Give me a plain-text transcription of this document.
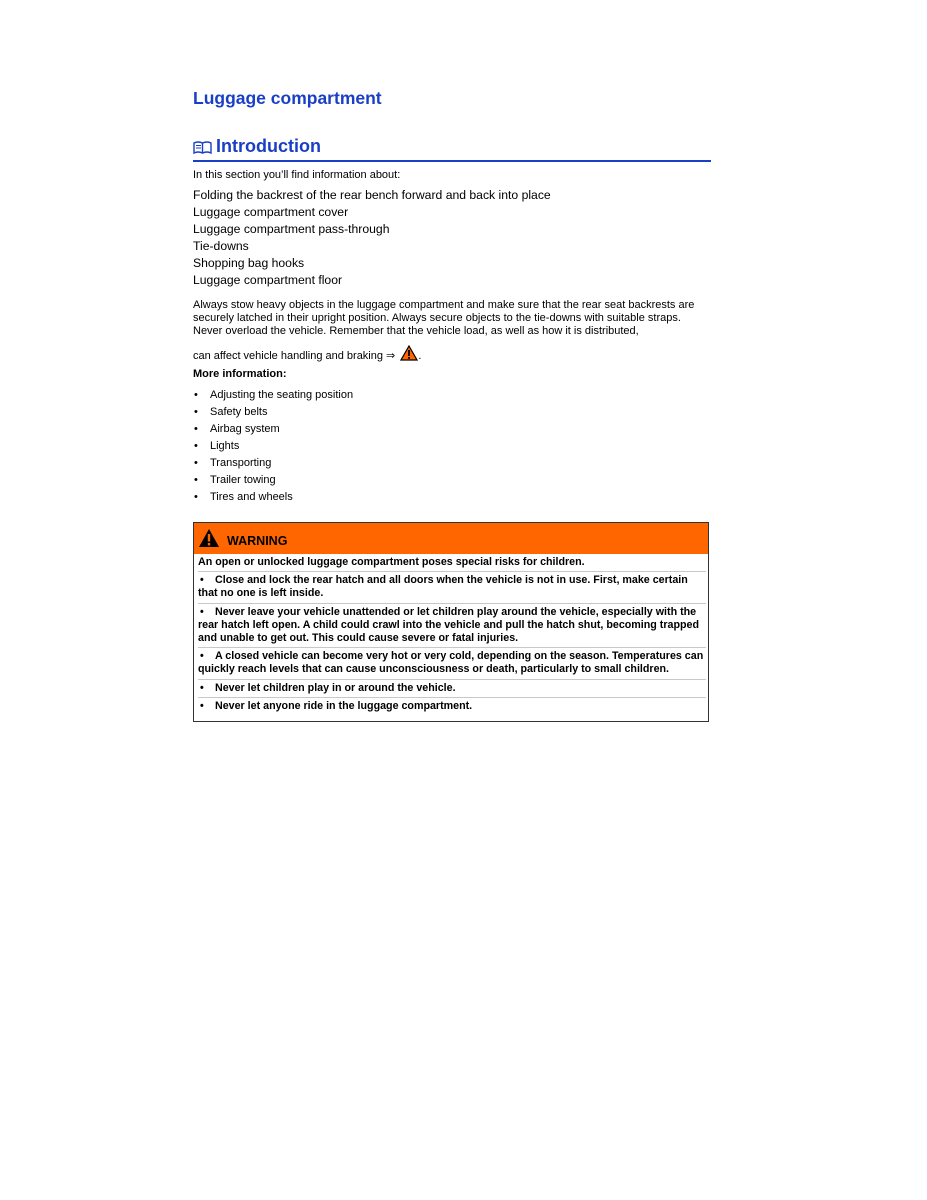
Luggage compartment
Introduction
In this section you’ll find information about:
Folding the backrest of the rear bench forward and back into place
Luggage compartment cover
Luggage compartment pass-through
Tie-downs
Shopping bag hooks
Luggage compartment floor
Always stow heavy objects in the luggage compartment and make sure that the rear seat backrests are securely latched in their upright position. Always secure objects to the tie-downs with suitable straps. Never overload the vehicle. Remember that the vehicle load, as well as how it is distributed,
can affect vehicle handling and braking ⇒ .
More information:
• Adjusting the seating position
• Safety belts
• Airbag system
• Lights
• Transporting
• Trailer towing
• Tires and wheels
WARNING

An open or unlocked luggage compartment poses special risks for children.

• Close and lock the rear hatch and all doors when the vehicle is not in use. First, make certain that no one is left inside.

• Never leave your vehicle unattended or let children play around the vehicle, especially with the rear hatch left open. A child could crawl into the vehicle and pull the hatch shut, becoming trapped and unable to get out. This could cause severe or fatal injuries.

• A closed vehicle can become very hot or very cold, depending on the season. Temperatures can quickly reach levels that can cause unconsciousness or death, particularly to small children.

• Never let children play in or around the vehicle.

• Never let anyone ride in the luggage compartment.
